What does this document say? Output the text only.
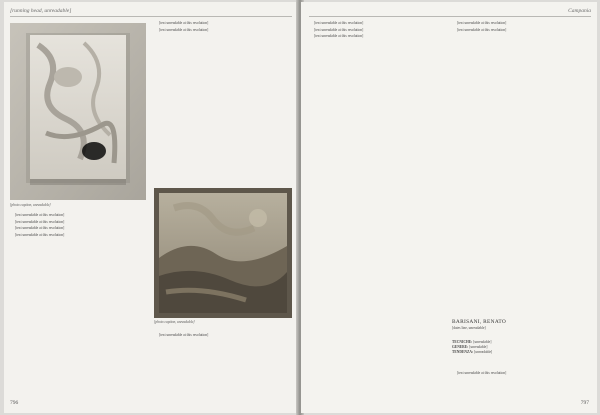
[running head, unreadable]
[photo caption, unreadable]

[text unreadable at this resolution]

[text unreadable at this resolution]

[text unreadable at this resolution]

[text unreadable at this resolution]

[text unreadable at this resolution]

[text unreadable at this resolution]

[photo caption, unreadable]

[text unreadable at this resolution]

796
Campania

[text unreadable at this resolution]

[text unreadable at this resolution]

[text unreadable at this resolution]

[text unreadable at this resolution]

[text unreadable at this resolution]

BARISANI, RENATO
[dates line, unreadable]
TECNICHE: [unreadable]
GENERE: [unreadable]
TENDENZA: [unreadable]

[text unreadable at this resolution]

797
